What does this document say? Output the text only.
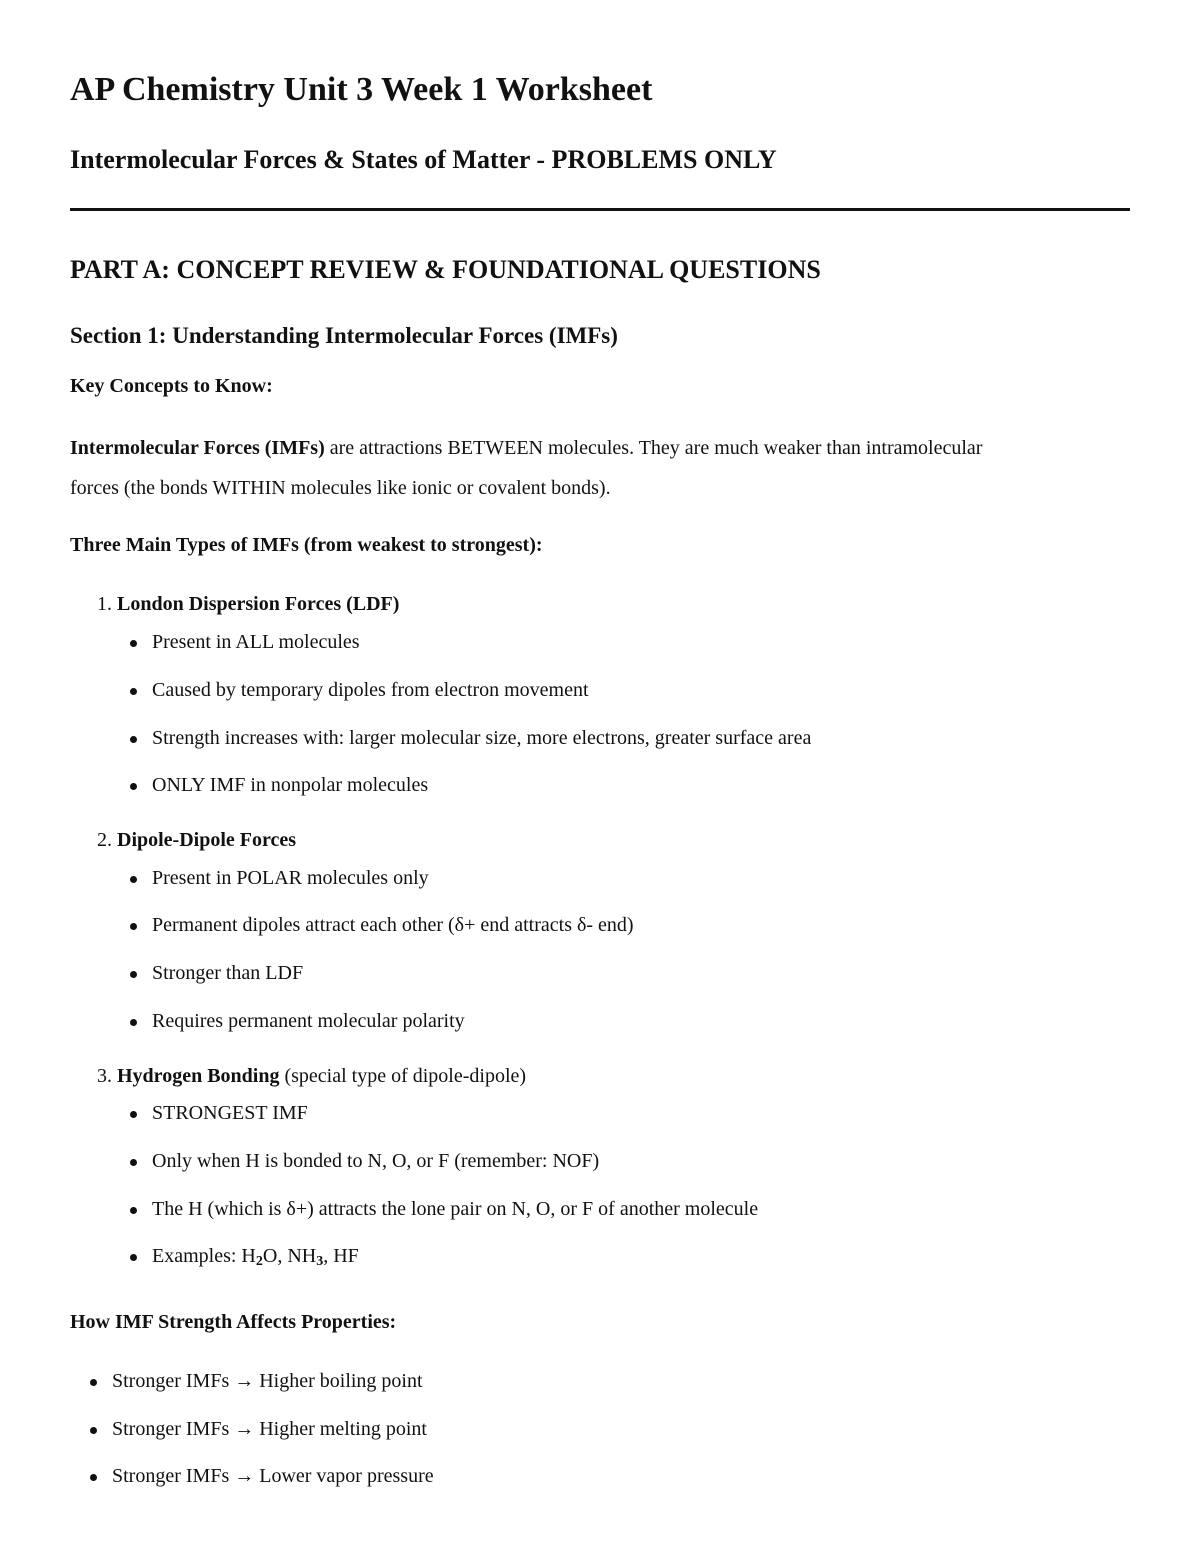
AP Chemistry Unit 3 Week 1 Worksheet
Intermolecular Forces & States of Matter - PROBLEMS ONLY
PART A: CONCEPT REVIEW & FOUNDATIONAL QUESTIONS
Section 1: Understanding Intermolecular Forces (IMFs)

Key Concepts to Know:

Intermolecular Forces (IMFs) are attractions BETWEEN molecules. They are much weaker than intramolecular forces (the bonds WITHIN molecules like ionic or covalent bonds).

Three Main Types of IMFs (from weakest to strongest):

1. London Dispersion Forces (LDF)
Present in ALL molecules
Caused by temporary dipoles from electron movement
Strength increases with: larger molecular size, more electrons, greater surface area
ONLY IMF in nonpolar molecules
2. Dipole-Dipole Forces
Present in POLAR molecules only
Permanent dipoles attract each other (δ+ end attracts δ- end)
Stronger than LDF
Requires permanent molecular polarity
3. Hydrogen Bonding (special type of dipole-dipole)
STRONGEST IMF
Only when H is bonded to N, O, or F (remember: NOF)
The H (which is δ+) attracts the lone pair on N, O, or F of another molecule
Examples: $H_2O$, $NH_3$, HF

How IMF Strength Affects Properties:

Stronger IMFs → Higher boiling point
Stronger IMFs → Higher melting point
Stronger IMFs → Lower vapor pressure
